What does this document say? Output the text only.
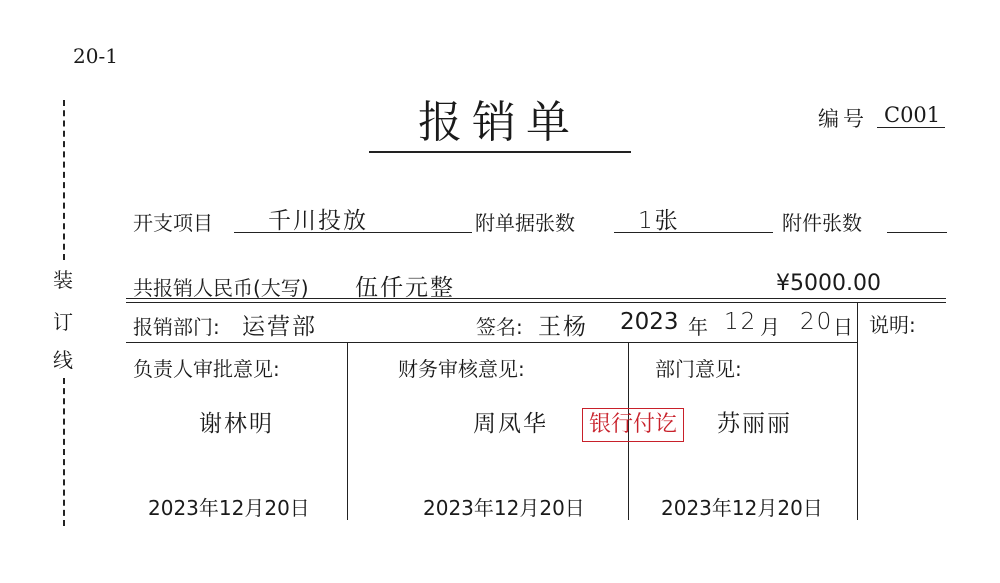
20-1
报销单	编号 C001
装
订
线
开支项目 千川投放	附单据张数	1张	附件张数
共报销人民币(大写) 伍仟元整	¥5000.00
报销部门: 运营部	签名: 王杨 2023 年 12 月 20 日 说明:
负责人审批意见:
谢林明
2023年12月20日
财务审核意见:
周凤华
2023年12月20日
部门意见:
苏丽丽
2023年12月20日
银行付讫
